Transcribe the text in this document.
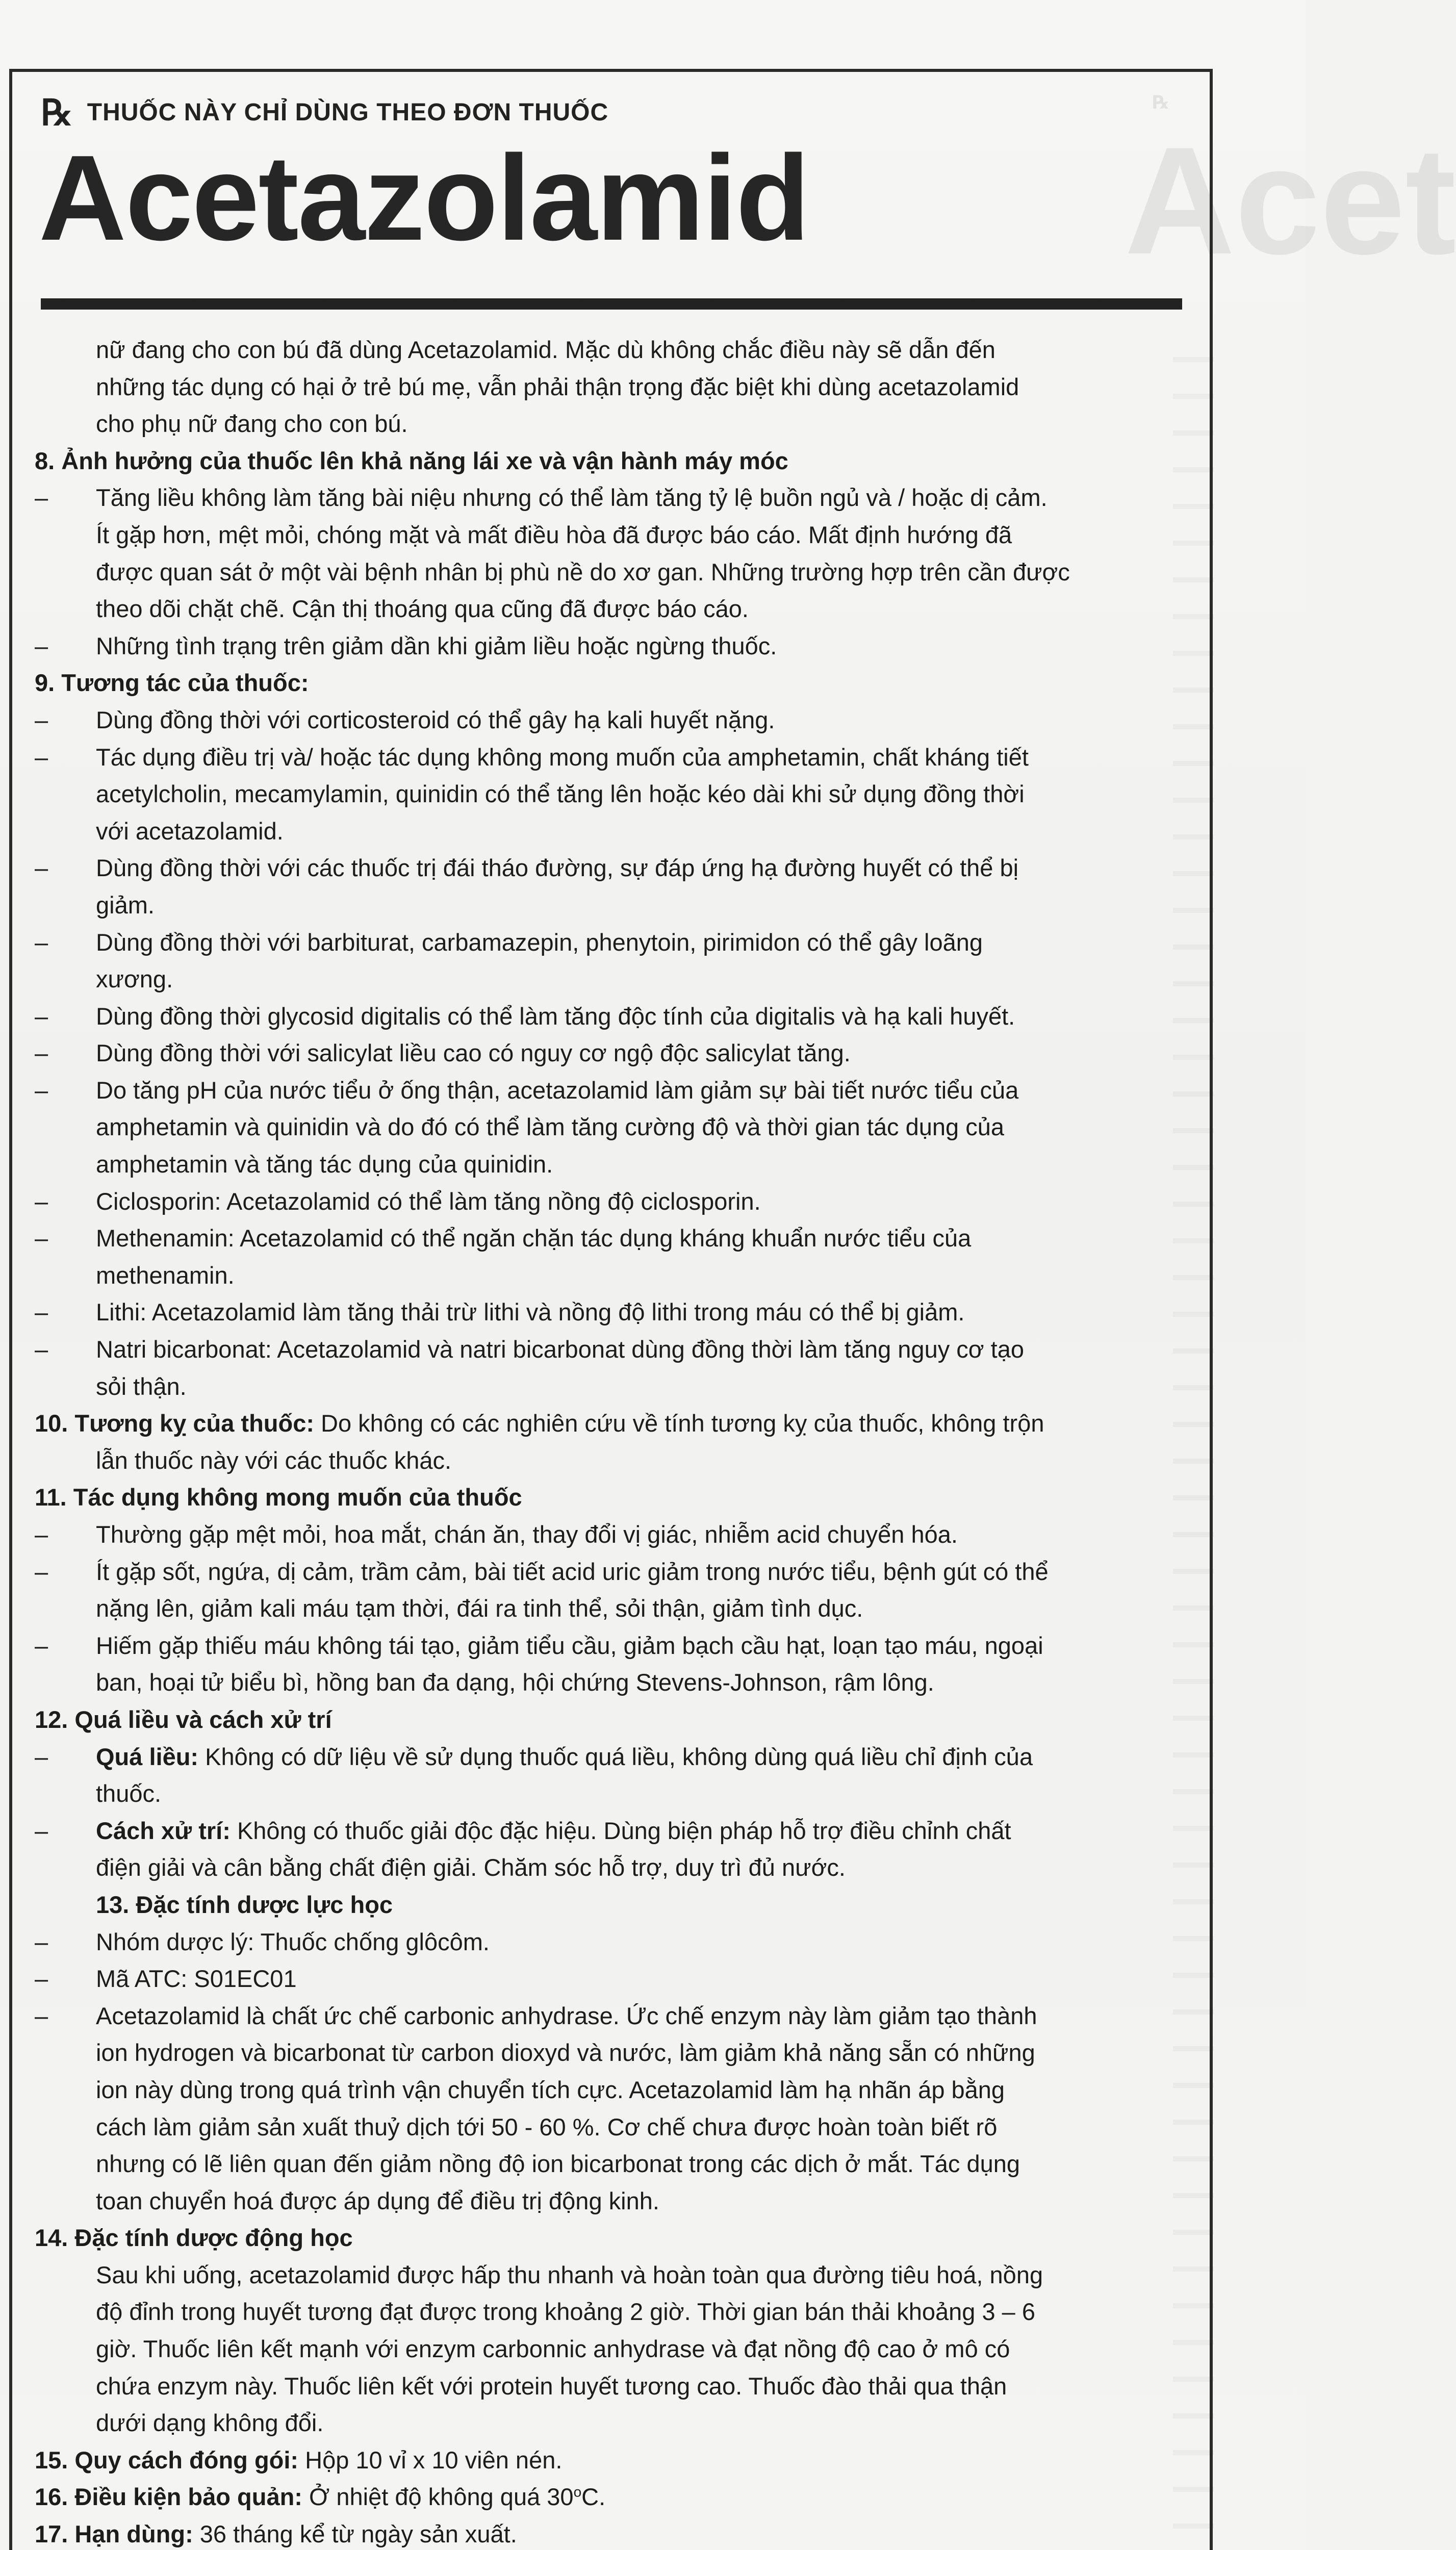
Acet
℞
℞ THUỐC NÀY CHỈ DÙNG THEO ĐƠN THUỐC
Acetazolamid

nữ đang cho con bú đã dùng Acetazolamid. Mặc dù không chắc điều này sẽ dẫn đến

những tác dụng có hại ở trẻ bú mẹ, vẫn phải thận trọng đặc biệt khi dùng acetazolamid

cho phụ nữ đang cho con bú.

8. Ảnh hưởng của thuốc lên khả năng lái xe và vận hành máy móc

– Tăng liều không làm tăng bài niệu nhưng có thể làm tăng tỷ lệ buồn ngủ và / hoặc dị cảm.

Ít gặp hơn, mệt mỏi, chóng mặt và mất điều hòa đã được báo cáo. Mất định hướng đã

được quan sát ở một vài bệnh nhân bị phù nề do xơ gan. Những trường hợp trên cần được

theo dõi chặt chẽ. Cận thị thoáng qua cũng đã được báo cáo.

– Những tình trạng trên giảm dần khi giảm liều hoặc ngừng thuốc.

9. Tương tác của thuốc:

– Dùng đồng thời với corticosteroid có thể gây hạ kali huyết nặng.

– Tác dụng điều trị và/ hoặc tác dụng không mong muốn của amphetamin, chất kháng tiết

acetylcholin, mecamylamin, quinidin có thể tăng lên hoặc kéo dài khi sử dụng đồng thời

với acetazolamid.

– Dùng đồng thời với các thuốc trị đái tháo đường, sự đáp ứng hạ đường huyết có thể bị

giảm.

– Dùng đồng thời với barbiturat, carbamazepin, phenytoin, pirimidon có thể gây loãng

xương.

– Dùng đồng thời glycosid digitalis có thể làm tăng độc tính của digitalis và hạ kali huyết.

– Dùng đồng thời với salicylat liều cao có nguy cơ ngộ độc salicylat tăng.

– Do tăng pH của nước tiểu ở ống thận, acetazolamid làm giảm sự bài tiết nước tiểu của

amphetamin và quinidin và do đó có thể làm tăng cường độ và thời gian tác dụng của

amphetamin và tăng tác dụng của quinidin.

– Ciclosporin: Acetazolamid có thể làm tăng nồng độ ciclosporin.

– Methenamin: Acetazolamid có thể ngăn chặn tác dụng kháng khuẩn nước tiểu của

methenamin.

– Lithi: Acetazolamid làm tăng thải trừ lithi và nồng độ lithi trong máu có thể bị giảm.

– Natri bicarbonat: Acetazolamid và natri bicarbonat dùng đồng thời làm tăng nguy cơ tạo

sỏi thận.

10. Tương kỵ của thuốc: Do không có các nghiên cứu về tính tương kỵ của thuốc, không trộn

lẫn thuốc này với các thuốc khác.

11. Tác dụng không mong muốn của thuốc

– Thường gặp mệt mỏi, hoa mắt, chán ăn, thay đổi vị giác, nhiễm acid chuyển hóa.

– Ít gặp sốt, ngứa, dị cảm, trầm cảm, bài tiết acid uric giảm trong nước tiểu, bệnh gút có thể

nặng lên, giảm kali máu tạm thời, đái ra tinh thể, sỏi thận, giảm tình dục.

– Hiếm gặp thiếu máu không tái tạo, giảm tiểu cầu, giảm bạch cầu hạt, loạn tạo máu, ngoại

ban, hoại tử biểu bì, hồng ban đa dạng, hội chứng Stevens-Johnson, rậm lông.

12. Quá liều và cách xử trí

– Quá liều: Không có dữ liệu về sử dụng thuốc quá liều, không dùng quá liều chỉ định của

thuốc.

– Cách xử trí: Không có thuốc giải độc đặc hiệu. Dùng biện pháp hỗ trợ điều chỉnh chất

điện giải và cân bằng chất điện giải. Chăm sóc hỗ trợ, duy trì đủ nước.

13. Đặc tính dược lực học

– Nhóm dược lý: Thuốc chống glôcôm.

– Mã ATC: S01EC01

– Acetazolamid là chất ức chế carbonic anhydrase. Ức chế enzym này làm giảm tạo thành

ion hydrogen và bicarbonat từ carbon dioxyd và nước, làm giảm khả năng sẵn có những

ion này dùng trong quá trình vận chuyển tích cực. Acetazolamid làm hạ nhãn áp bằng

cách làm giảm sản xuất thuỷ dịch tới 50 - 60 %. Cơ chế chưa được hoàn toàn biết rõ

nhưng có lẽ liên quan đến giảm nồng độ ion bicarbonat trong các dịch ở mắt. Tác dụng

toan chuyển hoá được áp dụng để điều trị động kinh.

14. Đặc tính dược động học

Sau khi uống, acetazolamid được hấp thu nhanh và hoàn toàn qua đường tiêu hoá, nồng

độ đỉnh trong huyết tương đạt được trong khoảng 2 giờ. Thời gian bán thải khoảng 3 – 6

giờ. Thuốc liên kết mạnh với enzym carbonnic anhydrase và đạt nồng độ cao ở mô có

chứa enzym này. Thuốc liên kết với protein huyết tương cao. Thuốc đào thải qua thận

dưới dạng không đổi.

15. Quy cách đóng gói: Hộp 10 vỉ x 10 viên nén.

16. Điều kiện bảo quản: Ở nhiệt độ không quá 30$^o$C.

17. Hạn dùng: 36 tháng kể từ ngày sản xuất.
